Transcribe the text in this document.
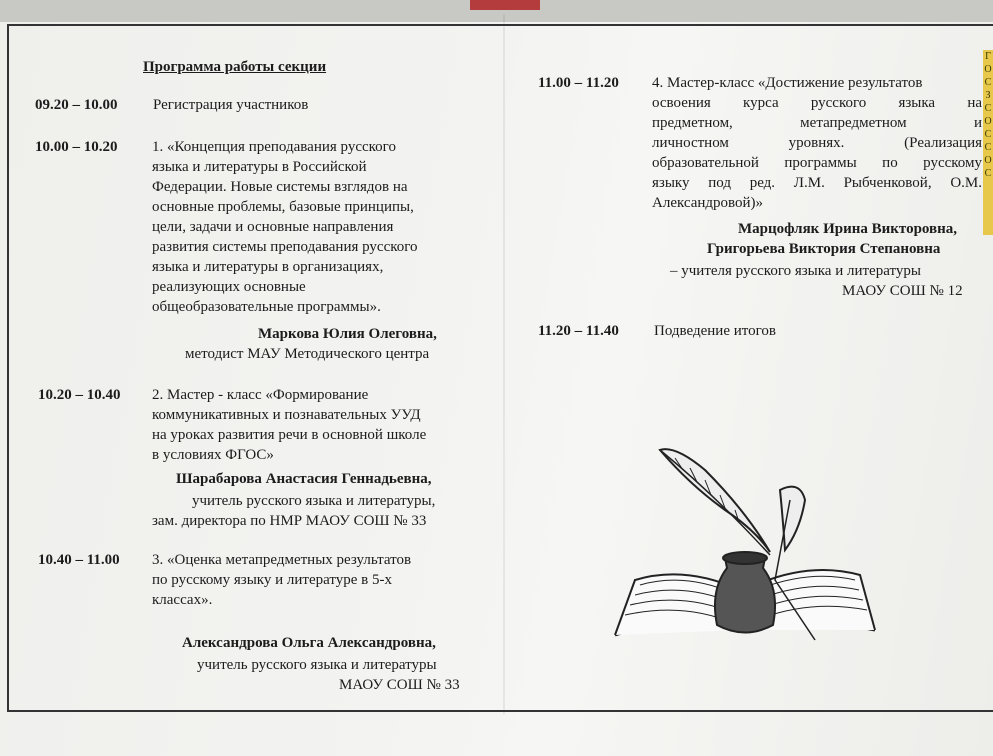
Программа работы секции
09.20 – 10.00 Регистрация участников
10.00 – 10.20 1. «Концепция преподавания русского
языка и литературы в Российской
Федерации. Новые системы взглядов на
основные проблемы, базовые принципы,
цели, задачи и основные направления
развития системы преподавания русского
языка и литературы в организациях,
реализующих основные
общеобразовательные программы».
Маркова Юлия Олеговна,
методист МАУ Методического центра
10.20 – 10.40 2. Мастер - класс «Формирование
коммуникативных и познавательных УУД
на уроках развития речи в основной школе
в условиях ФГОС»
Шарабарова Анастасия Геннадьевна,
учитель русского языка и литературы,
зам. директора по НМР МАОУ СОШ № 33
10.40 – 11.00 3. «Оценка метапредметных результатов
по русскому языку и литературе в 5-х
классах».
Александрова Ольга Александровна,
учитель русского языка и литературы
МАОУ СОШ № 33
11.00 – 11.20 4. Мастер-класс «Достижение результатов
освоения курса русского языка на
предметном, метапредметном и
личностном уровнях. (Реализация
образовательной программы по русскому
языку под ред. Л.М. Рыбченковой, О.М.
Александровой)»
Марцофляк Ирина Викторовна,
Григорьева Виктория Степановна
– учителя русского языка и литературы
МАОУ СОШ № 12
11.20 – 11.40 Подведение итогов
Г
О
С
З
С
О
С
С
О
С
